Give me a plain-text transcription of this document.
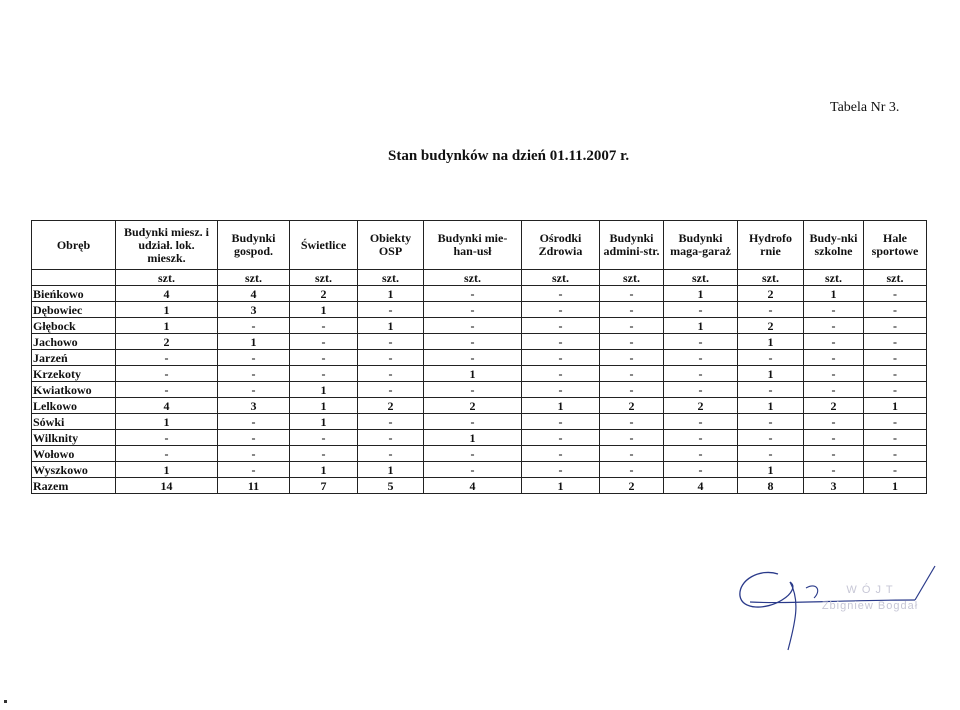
Tabela Nr 3.
Stan budynków na dzień 01.11.2007 r.
Obręb	Budynki miesz. i udział. lok. mieszk.	Budynki gospod.	Świetlice	Obiekty OSP	Budynki mie-han-usł	Ośrodki Zdrowia	Budynki admini-str.	Budynki maga-garaż	Hydrofo rnie	Budy-nki szkolne	Hale sportowe
	szt.	szt.	szt.	szt.	szt.	szt.	szt.	szt.	szt.	szt.	szt.
Bieńkowo	4	4	2	1	-	-	-	1	2	1	-
Dębowiec	1	3	1	-	-	-	-	-	-	-	-
Głębock	1	-	-	1	-	-	-	1	2	-	-
Jachowo	2	1	-	-	-	-	-	-	1	-	-
Jarzeń	-	-	-	-	-	-	-	-	-	-	-
Krzekoty	-	-	-	-	1	-	-	-	1	-	-
Kwiatkowo	-	-	1	-	-	-	-	-	-	-	-
Lelkowo	4	3	1	2	2	1	2	2	1	2	1
Sówki	1	-	1	-	-	-	-	-	-	-	-
Wilknity	-	-	-	-	1	-	-	-	-	-	-
Wołowo	-	-	-	-	-	-	-	-	-	-	-
Wyszkowo	1	-	1	1	-	-	-	-	1	-	-
Razem	14	11	7	5	4	1	2	4	8	3	1
W Ó J T
Zbigniew Bogdał
